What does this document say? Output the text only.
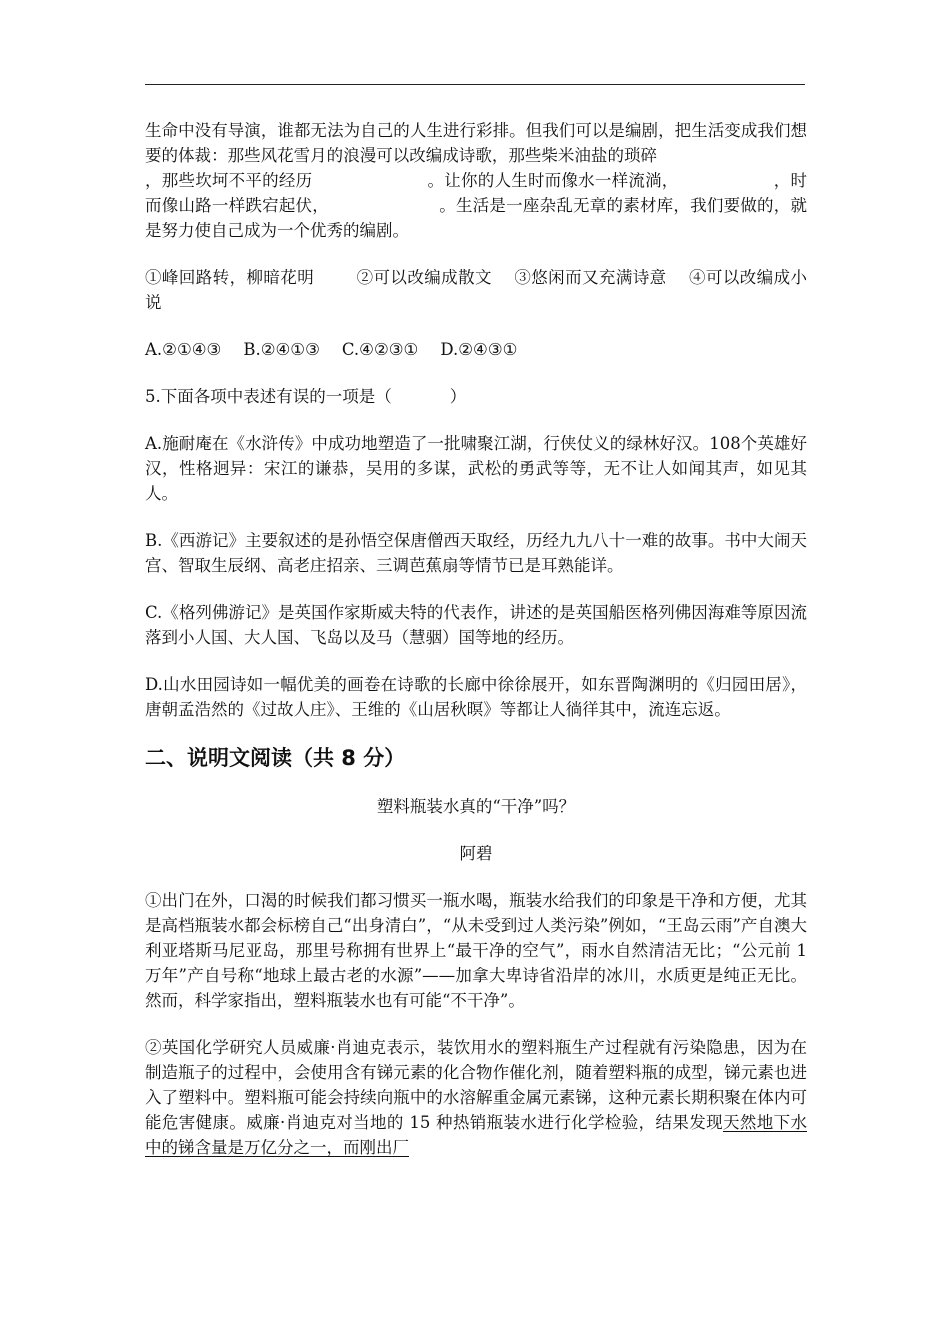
生命中没有导演，谁都无法为自己的人生进行彩排。但我们可以是编剧，把生活变成我们想要的体裁：那些风花雪月的浪漫可以改编成诗歌，那些柴米油盐的琐碎，那些坎坷不平的经历	。让你的人生时而像水一样流淌，	，时而像山路一样跌宕起伏，	。生活是一座杂乱无章的素材库，我们要做的，就是努力使自己成为一个优秀的编剧。

①峰回路转，柳暗花明	②可以改编成散文 ③悠闲而又充满诗意 ④可以改编成小说

A.②①④③ B.②④①③ C.④②③① D.②④③①

5.下面各项中表述有误的一项是（	）

A.施耐庵在《水浒传》中成功地塑造了一批啸聚江湖，行侠仗义的绿林好汉。108个英雄好汉，性格迥异：宋江的谦恭，吴用的多谋，武松的勇武等等，无不让人如闻其声，如见其人。

B.《西游记》主要叙述的是孙悟空保唐僧西天取经，历经九九八十一难的故事。书中大闹天宫、智取生辰纲、高老庄招亲、三调芭蕉扇等情节已是耳熟能详。

C.《格列佛游记》是英国作家斯威夫特的代表作，讲述的是英国船医格列佛因海难等原因流落到小人国、大人国、飞岛以及马（慧骃）国等地的经历。

D.山水田园诗如一幅优美的画卷在诗歌的长廊中徐徐展开，如东晋陶渊明的《归园田居》，唐朝孟浩然的《过故人庄》、王维的《山居秋暝》等都让人徜徉其中，流连忘返。

二、说明文阅读（共 8 分）

塑料瓶装水真的“干净”吗？

阿碧

①出门在外，口渴的时候我们都习惯买一瓶水喝，瓶装水给我们的印象是干净和方便，尤其是高档瓶装水都会标榜自己“出身清白”，“从未受到过人类污染”例如，“王岛云雨”产自澳大利亚塔斯马尼亚岛，那里号称拥有世界上“最干净的空气”，雨水自然清洁无比；“公元前 1 万年”产自号称“地球上最古老的水源”——加拿大卑诗省沿岸的冰川，水质更是纯正无比。然而，科学家指出，塑料瓶装水也有可能“不干净”。

②英国化学研究人员威廉·肖迪克表示，装饮用水的塑料瓶生产过程就有污染隐患，因为在制造瓶子的过程中，会使用含有锑元素的化合物作催化剂，随着塑料瓶的成型，锑元素也进入了塑料中。塑料瓶可能会持续向瓶中的水溶解重金属元素锑，这种元素长期积聚在体内可能危害健康。威廉·肖迪克对当地的 15 种热销瓶装水进行化学检验，结果发现天然地下水中的锑含量是万亿分之一，而刚出厂
